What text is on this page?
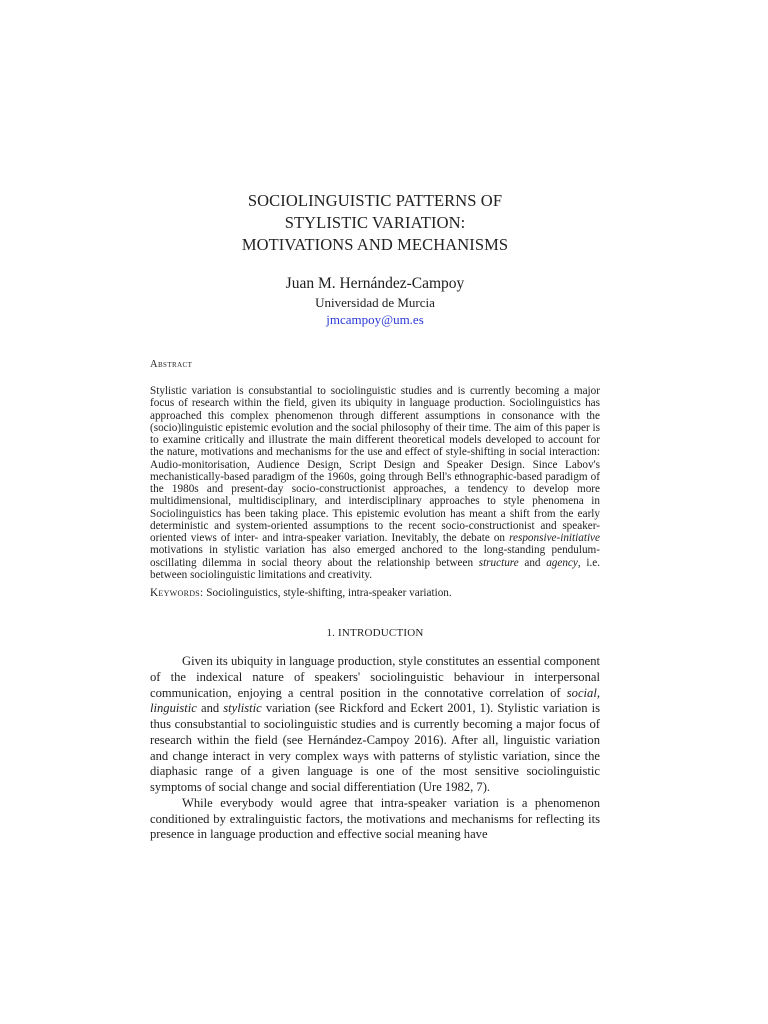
SOCIOLINGUISTIC PATTERNS OF
STYLISTIC VARIATION:
MOTIVATIONS AND MECHANISMS
Juan M. Hernández-Campoy
Universidad de Murcia
jmcampoy@um.es
Abstract
Stylistic variation is consubstantial to sociolinguistic studies and is currently becoming a major focus of research within the field, given its ubiquity in language production. Sociolinguistics has approached this complex phenomenon through different assumptions in consonance with the (socio)linguistic epistemic evolution and the social philosophy of their time. The aim of this paper is to examine critically and illustrate the main different theoretical models developed to account for the nature, motivations and mechanisms for the use and effect of style-shifting in social interaction: Audio-monitorisation, Audience Design, Script Design and Speaker Design. Since Labov's mechanistically-based paradigm of the 1960s, going through Bell's ethnographic-based paradigm of the 1980s and present-day socio-constructionist approaches, a tendency to develop more multidimensional, multidisciplinary, and interdisciplinary approaches to style phenomena in Sociolinguistics has been taking place. This epistemic evolution has meant a shift from the early deterministic and system-oriented assumptions to the recent socio-constructionist and speaker-oriented views of inter- and intra-speaker variation. Inevitably, the debate on responsive-initiative motivations in stylistic variation has also emerged anchored to the long-standing pendulum-oscillating dilemma in social theory about the relationship between structure and agency, i.e. between sociolinguistic limitations and creativity.
Keywords: Sociolinguistics, style-shifting, intra-speaker variation.
1. INTRODUCTION

Given its ubiquity in language production, style constitutes an essential component of the indexical nature of speakers' sociolinguistic behaviour in interpersonal communication, enjoying a central position in the connotative correlation of social, linguistic and stylistic variation (see Rickford and Eckert 2001, 1). Stylistic variation is thus consubstantial to sociolinguistic studies and is currently becoming a major focus of research within the field (see Hernández-Campoy 2016). After all, linguistic variation and change interact in very complex ways with patterns of stylistic variation, since the diaphasic range of a given language is one of the most sensitive sociolinguistic symptoms of social change and social differentiation (Ure 1982, 7).

While everybody would agree that intra-speaker variation is a phenomenon conditioned by extralinguistic factors, the motivations and mechanisms for reflecting its presence in language production and effective social meaning have
